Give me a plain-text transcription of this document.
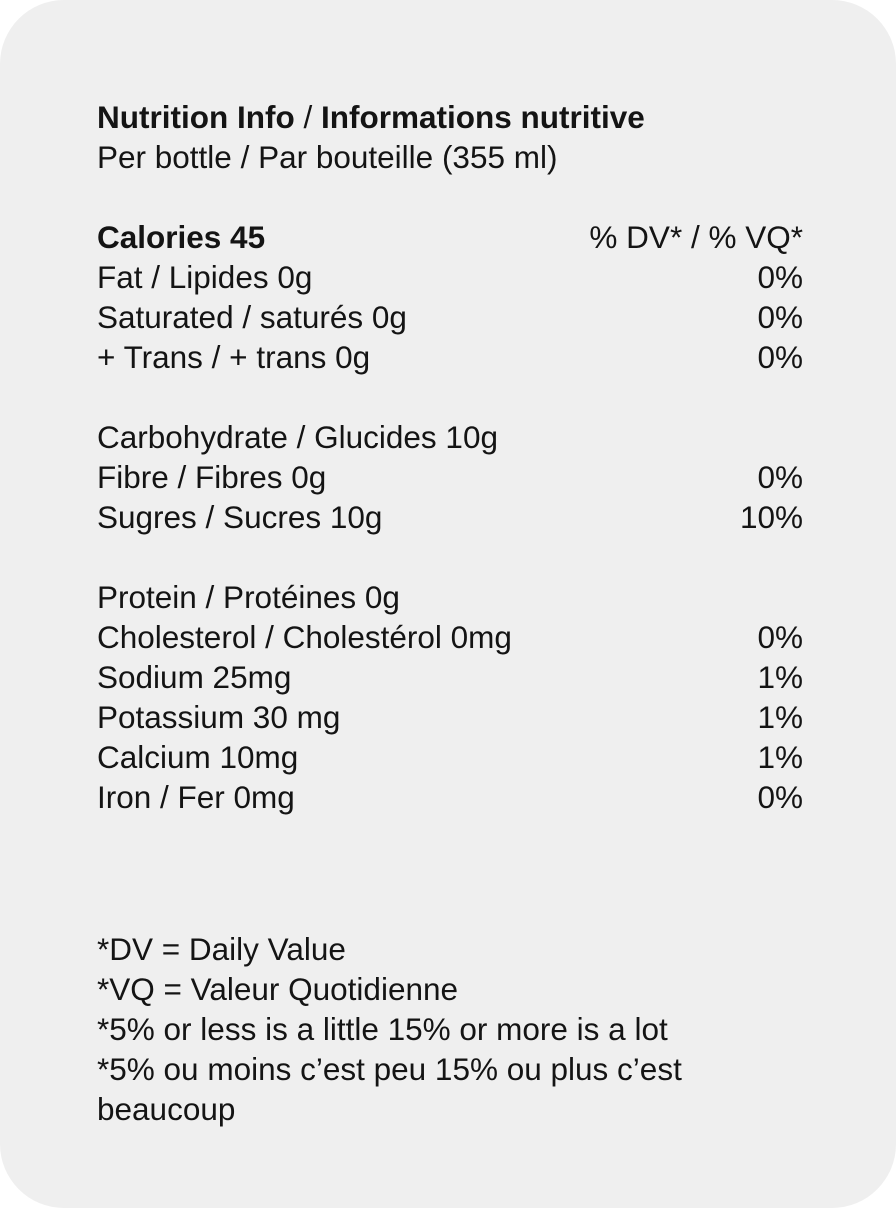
Nutrition Info / Informations nutritive
Per bottle / Par bouteille (355 ml)
Calories 45	% DV* / % VQ*
Fat / Lipides 0g	0%
Saturated / saturés 0g	0%
+ Trans / + trans 0g	0%
Carbohydrate / Glucides 10g
Fibre / Fibres 0g	0%
Sugres / Sucres 10g	10%
Protein / Protéines 0g
Cholesterol / Cholestérol 0mg	0%
Sodium 25mg	1%
Potassium 30 mg	1%
Calcium 10mg	1%
Iron / Fer 0mg	0%
*DV = Daily Value
*VQ = Valeur Quotidienne
*5% or less is a little 15% or more is a lot
*5% ou moins c’est peu 15% ou plus c’est
beaucoup
